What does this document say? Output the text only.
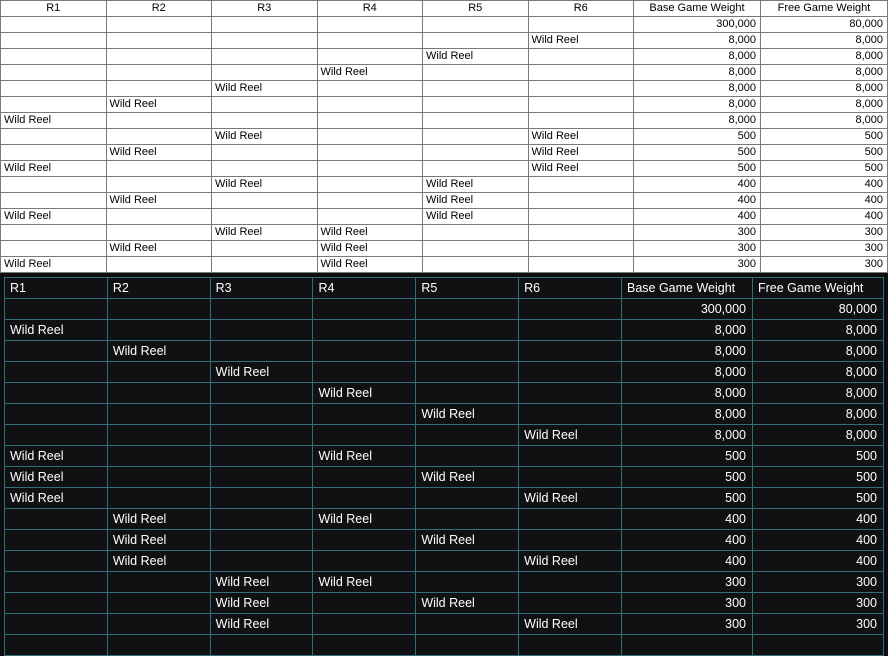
R1	R2	R3	R4	R5	R6	Base Game Weight	Free Game Weight
						300,000	80,000
					Wild Reel	8,000	8,000
				Wild Reel		8,000	8,000
			Wild Reel			8,000	8,000
		Wild Reel				8,000	8,000
	Wild Reel					8,000	8,000
Wild Reel						8,000	8,000
		Wild Reel			Wild Reel	500	500
	Wild Reel				Wild Reel	500	500
Wild Reel					Wild Reel	500	500
		Wild Reel		Wild Reel		400	400
	Wild Reel			Wild Reel		400	400
Wild Reel				Wild Reel		400	400
		Wild Reel	Wild Reel			300	300
	Wild Reel		Wild Reel			300	300
Wild Reel			Wild Reel			300	300
R1	R2	R3	R4	R5	R6	Base Game Weight	Free Game Weight
						300,000	80,000
Wild Reel						8,000	8,000
	Wild Reel					8,000	8,000
		Wild Reel				8,000	8,000
			Wild Reel			8,000	8,000
				Wild Reel		8,000	8,000
					Wild Reel	8,000	8,000
Wild Reel			Wild Reel			500	500
Wild Reel				Wild Reel		500	500
Wild Reel					Wild Reel	500	500
	Wild Reel		Wild Reel			400	400
	Wild Reel			Wild Reel		400	400
	Wild Reel				Wild Reel	400	400
		Wild Reel	Wild Reel			300	300
		Wild Reel		Wild Reel		300	300
		Wild Reel			Wild Reel	300	300
